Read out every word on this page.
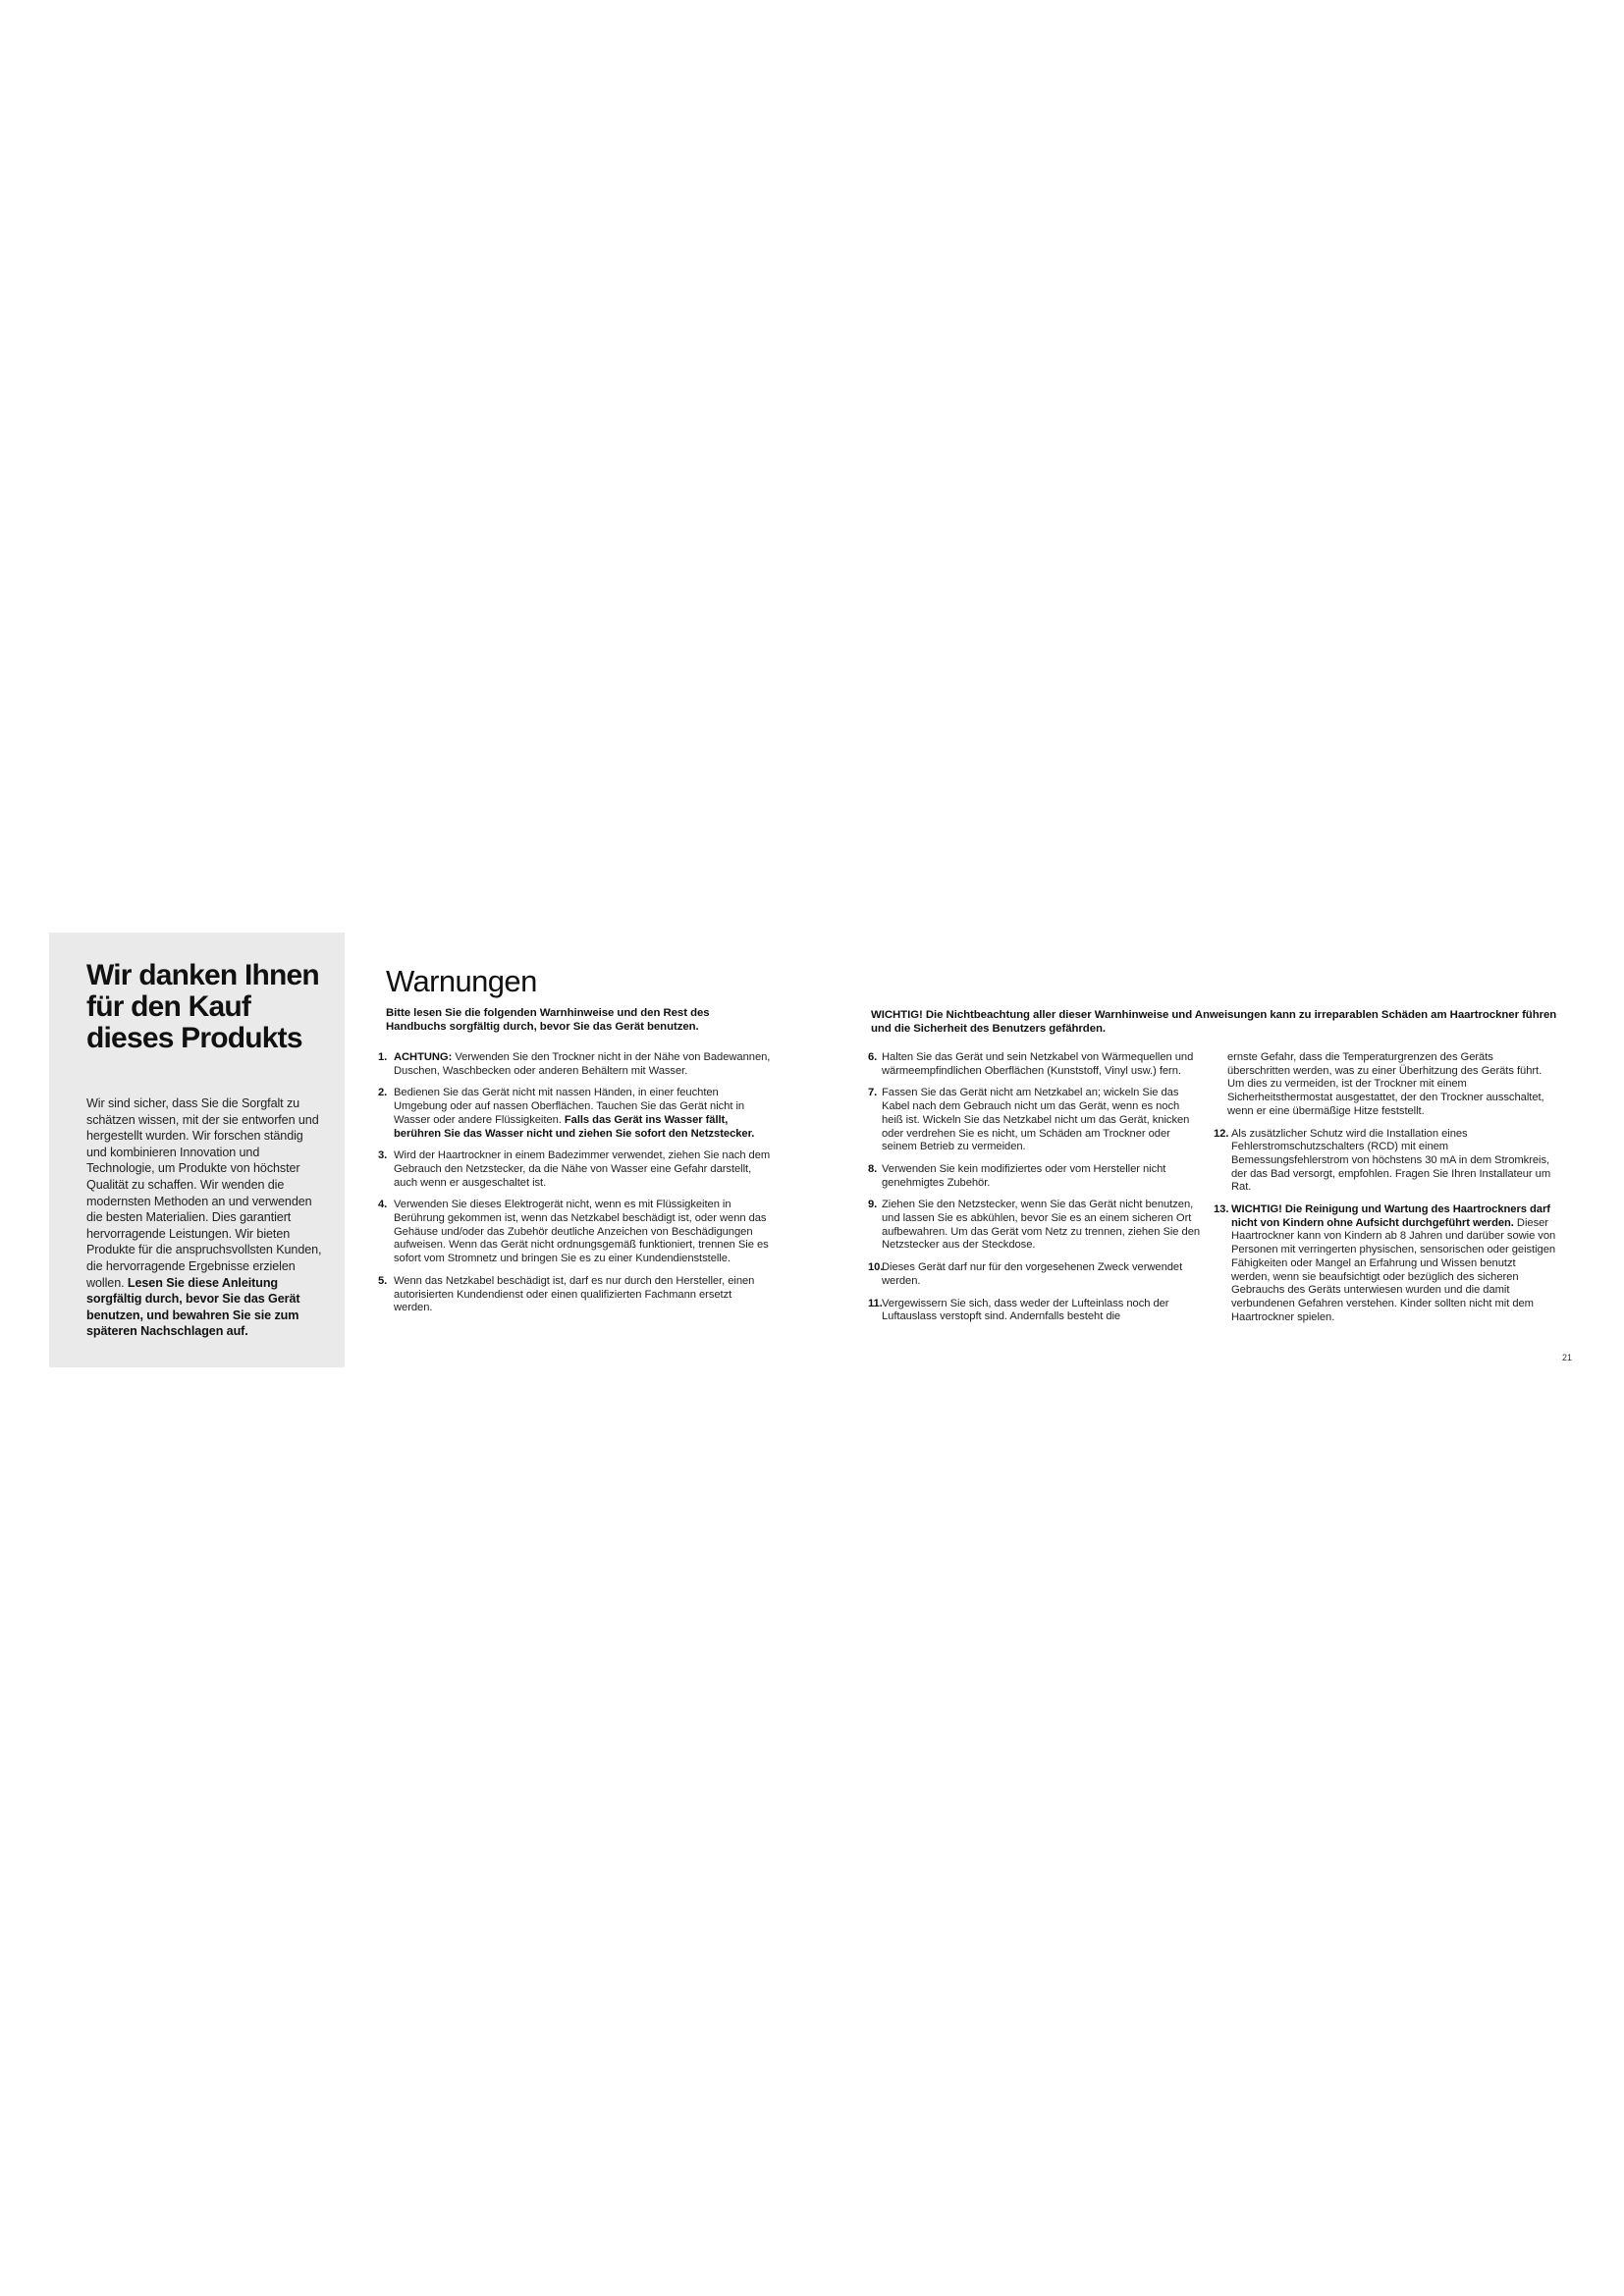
Wir danken Ihnen
für den Kauf
dieses Produkts

Wir sind sicher, dass Sie die Sorgfalt zu schätzen wissen, mit der sie entworfen und hergestellt wurden. Wir forschen ständig und kombinieren Innovation und Technologie, um Produkte von höchster Qualität zu schaffen. Wir wenden die modernsten Methoden an und verwenden die besten Materialien. Dies garantiert hervorragende Leistungen. Wir bieten Produkte für die anspruchsvollsten Kunden, die hervorragende Ergebnisse erzielen wollen. Lesen Sie diese Anleitung sorgfältig durch, bevor Sie das Gerät benutzen, und bewahren Sie sie zum späteren Nachschlagen auf.

Warnungen

Bitte lesen Sie die folgenden Warnhinweise und den Rest des Handbuchs sorgfältig durch, bevor Sie das Gerät benutzen.

WICHTIG! Die Nichtbeachtung aller dieser Warnhinweise und Anweisungen kann zu irreparablen Schäden am Haartrockner führen und die Sicherheit des Benutzers gefährden.

1. ACHTUNG: Verwenden Sie den Trockner nicht in der Nähe von Badewannen, Duschen, Waschbecken oder anderen Behältern mit Wasser.
2. Bedienen Sie das Gerät nicht mit nassen Händen, in einer feuchten Umgebung oder auf nassen Oberflächen. Tauchen Sie das Gerät nicht in Wasser oder andere Flüssigkeiten. Falls das Gerät ins Wasser fällt, berühren Sie das Wasser nicht und ziehen Sie sofort den Netzstecker.
3. Wird der Haartrockner in einem Badezimmer verwendet, ziehen Sie nach dem Gebrauch den Netzstecker, da die Nähe von Wasser eine Gefahr darstellt, auch wenn er ausgeschaltet ist.
4. Verwenden Sie dieses Elektrogerät nicht, wenn es mit Flüssigkeiten in Berührung gekommen ist, wenn das Netzkabel beschädigt ist, oder wenn das Gehäuse und/oder das Zubehör deutliche Anzeichen von Beschädigungen aufweisen. Wenn das Gerät nicht ordnungsgemäß funktioniert, trennen Sie es sofort vom Stromnetz und bringen Sie es zu einer Kundendienststelle.
5. Wenn das Netzkabel beschädigt ist, darf es nur durch den Hersteller, einen autorisierten Kundendienst oder einen qualifizierten Fachmann ersetzt werden.
6. Halten Sie das Gerät und sein Netzkabel von Wärmequellen und wärmeempfindlichen Oberflächen (Kunststoff, Vinyl usw.) fern.
7. Fassen Sie das Gerät nicht am Netzkabel an; wickeln Sie das Kabel nach dem Gebrauch nicht um das Gerät, wenn es noch heiß ist. Wickeln Sie das Netzkabel nicht um das Gerät, knicken oder verdrehen Sie es nicht, um Schäden am Trockner oder seinem Betrieb zu vermeiden.
8. Verwenden Sie kein modifiziertes oder vom Hersteller nicht genehmigtes Zubehör.
9. Ziehen Sie den Netzstecker, wenn Sie das Gerät nicht benutzen, und lassen Sie es abkühlen, bevor Sie es an einem sicheren Ort aufbewahren. Um das Gerät vom Netz zu trennen, ziehen Sie den Netzstecker aus der Steckdose.
10.
Dieses Gerät darf nur für den vorgesehenen Zweck verwendet werden.
11. Vergewissern Sie sich, dass weder der Lufteinlass noch der Luftauslass verstopft sind. Andernfalls besteht die
ernste Gefahr, dass die Temperaturgrenzen des Geräts überschritten werden, was zu einer Überhitzung des Geräts führt. Um dies zu vermeiden, ist der Trockner mit einem Sicherheitsthermostat ausgestattet, der den Trockner ausschaltet, wenn er eine übermäßige Hitze feststellt.
12. Als zusätzlicher Schutz wird die Installation eines Fehlerstromschutzschalters (RCD) mit einem Bemessungsfehlerstrom von höchstens 30 mA in dem Stromkreis, der das Bad versorgt, empfohlen. Fragen Sie Ihren Installateur um Rat.
13. WICHTIG! Die Reinigung und Wartung des Haartrockners darf nicht von Kindern ohne Aufsicht durchgeführt werden. Dieser Haartrockner kann von Kindern ab 8 Jahren und darüber sowie von Personen mit verringerten physischen, sensorischen oder geistigen Fähigkeiten oder Mangel an Erfahrung und Wissen benutzt werden, wenn sie beaufsichtigt oder bezüglich des sicheren Gebrauchs des Geräts unterwiesen wurden und die damit verbundenen Gefahren verstehen. Kinder sollten nicht mit dem Haartrockner spielen.
21
